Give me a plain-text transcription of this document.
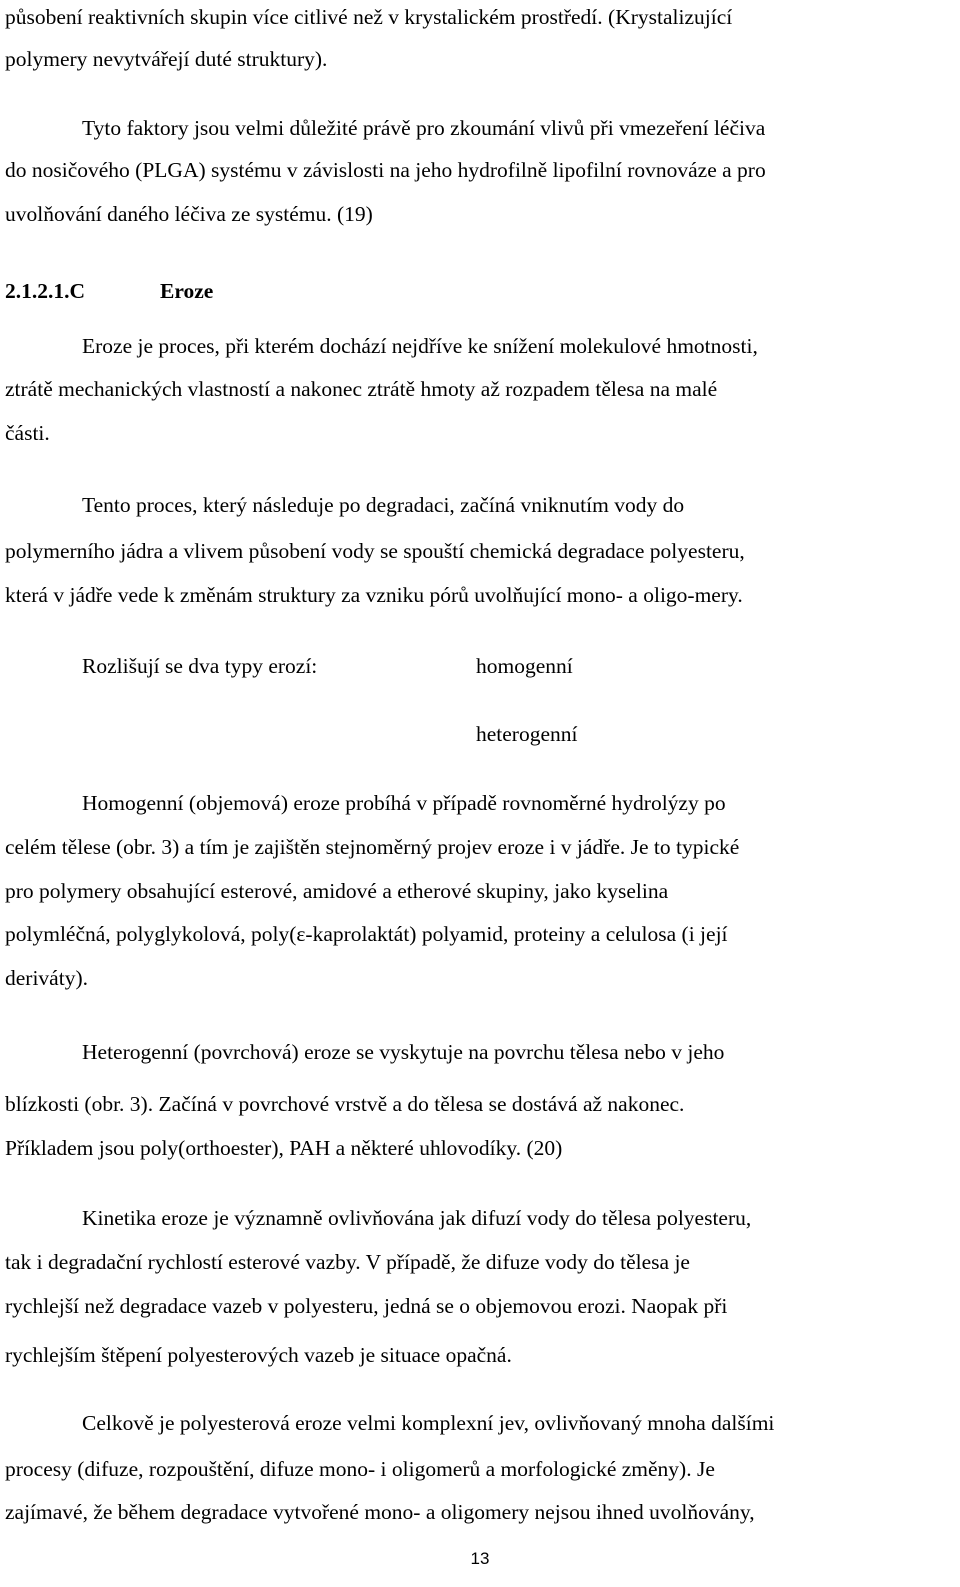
působení reaktivních skupin více citlivé než v krystalickém prostředí. (Krystalizující
polymery nevytvářejí duté struktury).
Tyto faktory jsou velmi důležité právě pro zkoumání vlivů při vmezeření léčiva
do nosičového (PLGA) systému v závislosti na jeho hydrofilně lipofilní rovnováze a pro
uvolňování daného léčiva ze systému. (19)
2.1.2.1.C	Eroze
Eroze je proces, při kterém dochází nejdříve ke snížení molekulové hmotnosti,
ztrátě mechanických vlastností a nakonec ztrátě hmoty až rozpadem tělesa na malé
části.
Tento proces, který následuje po degradaci, začíná vniknutím vody do
polymerního jádra a vlivem působení vody se spouští chemická degradace polyesteru,
která v jádře vede k změnám struktury za vzniku pórů uvolňující mono- a oligo-mery.
Rozlišují se dva typy erozí:	homogenní
heterogenní
Homogenní (objemová) eroze probíhá v případě rovnoměrné hydrolýzy po
celém tělese (obr. 3) a tím je zajištěn stejnoměrný projev eroze i v jádře. Je to typické
pro polymery obsahující esterové, amidové a etherové skupiny, jako kyselina
polymléčná, polyglykolová, poly(ε-kaprolaktát) polyamid, proteiny a celulosa (i její
deriváty).
Heterogenní (povrchová) eroze se vyskytuje na povrchu tělesa nebo v jeho
blízkosti (obr. 3). Začíná v povrchové vrstvě a do tělesa se dostává až nakonec.
Příkladem jsou poly(orthoester), PAH a některé uhlovodíky. (20)
Kinetika eroze je významně ovlivňována jak difuzí vody do tělesa polyesteru,
tak i degradační rychlostí esterové vazby. V případě, že difuze vody do tělesa je
rychlejší než degradace vazeb v polyesteru, jedná se o objemovou erozi. Naopak při
rychlejším štěpení polyesterových vazeb je situace opačná.
Celkově je polyesterová eroze velmi komplexní jev, ovlivňovaný mnoha dalšími
procesy (difuze, rozpouštění, difuze mono- i oligomerů a morfologické změny). Je
zajímavé, že během degradace vytvořené mono- a oligomery nejsou ihned uvolňovány,
13
